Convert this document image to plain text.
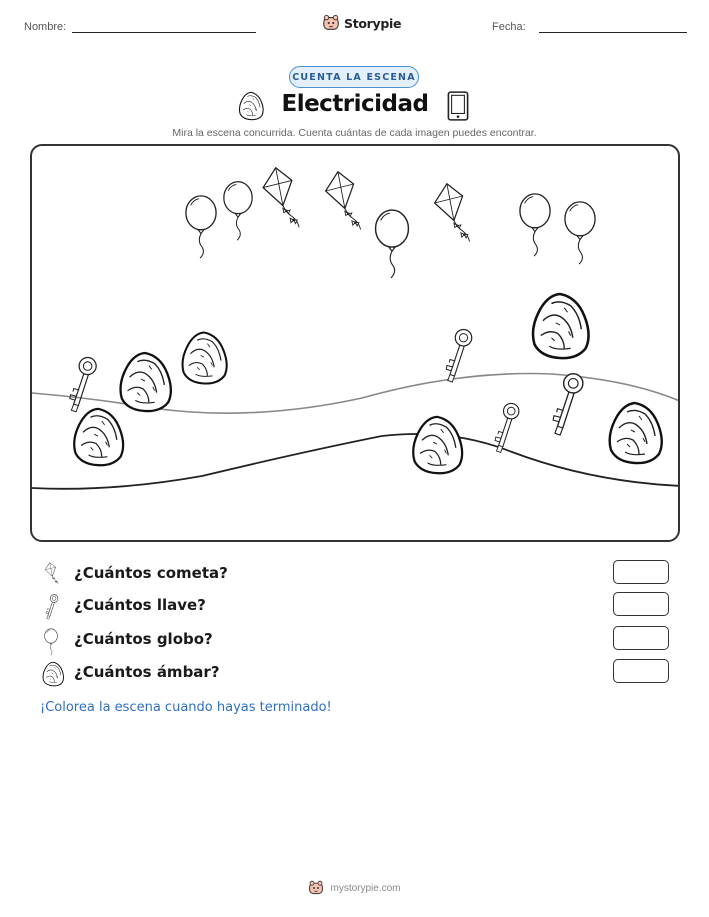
Nombre:	Storypie	Fecha:
CUENTA LA ESCENA
Electricidad
Mira la escena concurrida. Cuenta cuántas de cada imagen puedes encontrar.
¿Cuántos cometa?
¿Cuántos llave?
¿Cuántos globo?
¿Cuántos ámbar?
¡Colorea la escena cuando hayas terminado!
mystorypie.com
